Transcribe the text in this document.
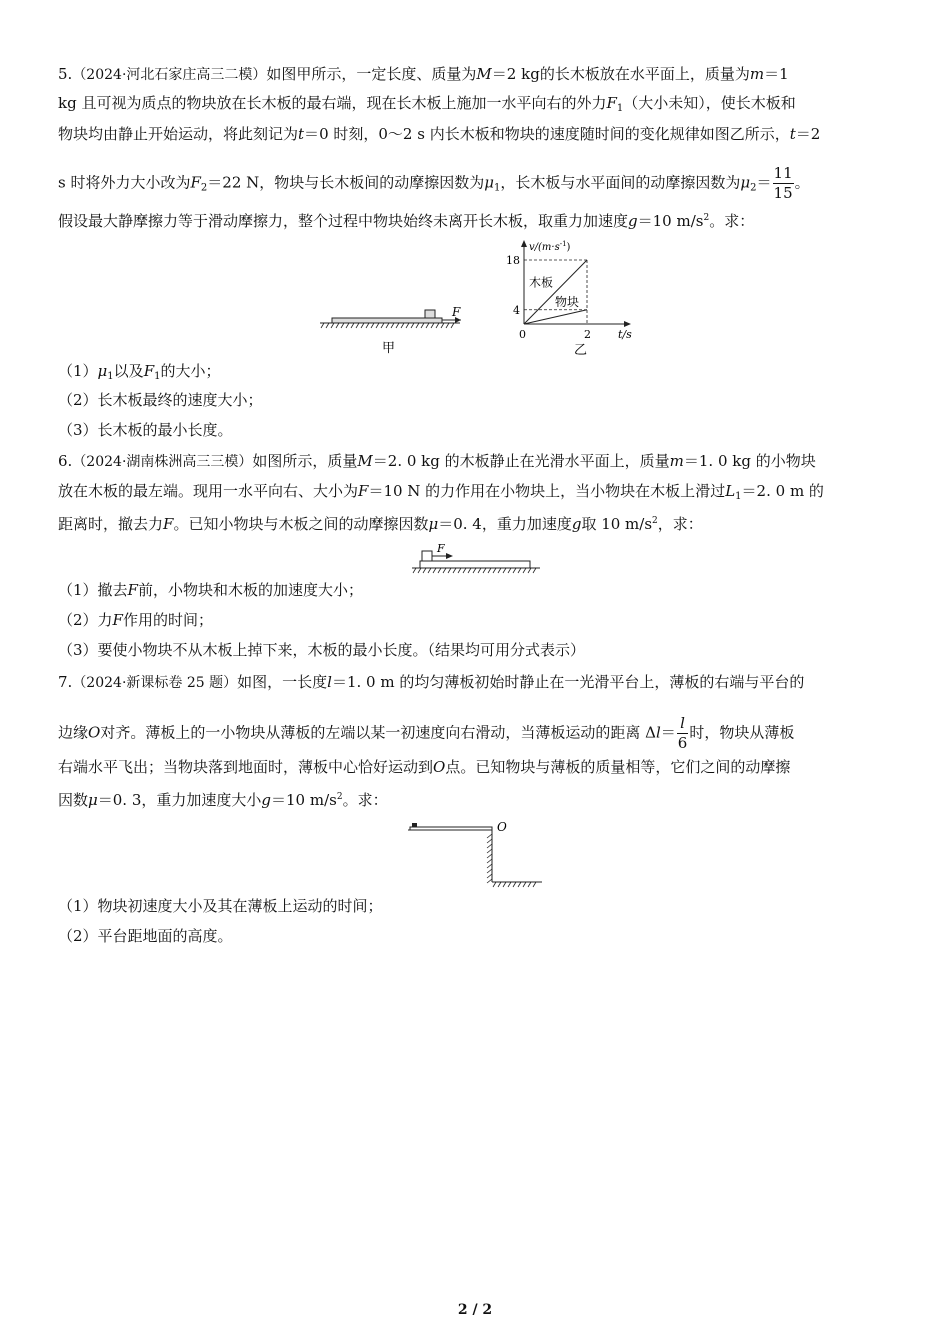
5.（2024·河北石家庄高三二模）如图甲所示，一定长度、质量为M＝2 kg的长木板放在水平面上，质量为m＝1
kg 且可视为质点的物块放在长木板的最右端，现在长木板上施加一水平向右的外力$F_1$（大小未知），使长木板和
物块均由静止开始运动，将此刻记为t＝0 时刻，0～2 s 内长木板和物块的速度随时间的变化规律如图乙所示，t＝2
s 时将外力大小改为$F_2=22$ N，物块与长木板间的动摩擦因数为$\mu_1$，长木板与水平面间的动摩擦因数为$\mu_2= \frac{11}{15}$ 。
假设最大静摩擦力等于滑动摩擦力，整个过程中物块始终未离开长木板，取重力加速度g＝10 $m/s^2$。求：
F
甲
$v/(m\cdot s^{-1})$
t/s
0
18
4
2
木板
物块
乙
$(1)\mu_1$以及$F_1$的大小；
（2）长木板最终的速度大小；
（3）长木板的最小长度。
6.（2024·湖南株洲高三三模）如图所示，质量M＝2. 0 kg 的木板静止在光滑水平面上，质量m＝1. 0 kg 的小物块
放在木板的最左端。现用一水平向右、大小为F＝10 N 的力作用在小物块上，当小物块在木板上滑过$L_1=2$. 0 m 的
距离时，撤去力F。已知小物块与木板之间的动摩擦因数μ＝0. 4，重力加速度g取 10 $m/s^2$，求：
F
（1）撤去F前，小物块和木板的加速度大小；
（2）力F作用的时间；
（3）要使小物块不从木板上掉下来，木板的最小长度。（结果均可用分式表示）
7.（2024·新课标卷 25 题）如图，一长度l＝1. 0 m 的均匀薄板初始时静止在一光滑平台上，薄板的右端与平台的
边缘O对齐。薄板上的一小物块从薄板的左端以某一初速度向右滑动，当薄板运动的距离 $\Delta l= \frac{l}{6}$ 时，物块从薄板
右端水平飞出；当物块落到地面时，薄板中心恰好运动到O点。已知物块与薄板的质量相等，它们之间的动摩擦
因数μ＝0. 3，重力加速度大小g＝10 $m/s^2$。求：
O
（1）物块初速度大小及其在薄板上运动的时间；
（2）平台距地面的高度。
2 / 2
